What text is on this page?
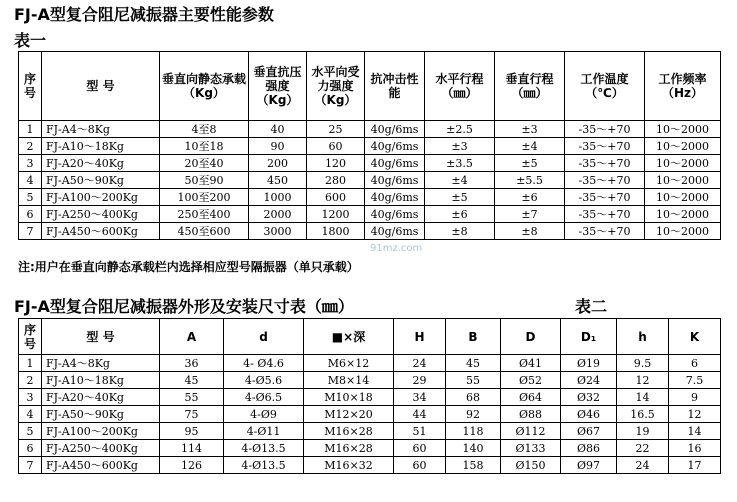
FJ-A型复合阻尼减振器主要性能参数
表一
序号	型 号	垂直向静态承载（Kg）	垂直抗压强度（Kg）	水平向受力强度（Kg）	抗冲击性能	水平行程（㎜）	垂直行程（㎜）	工作温度（℃）	工作频率（Hz）
1	FJ-A4～8Kg	4至8	40	25	40g/6ms	±2.5	±3	-35～+70	10～2000
2	FJ-A10～18Kg	10至18	90	60	40g/6ms	±3	±4	-35～+70	10～2000
3	FJ-A20～40Kg	20至40	200	120	40g/6ms	±3.5	±5	-35～+70	10～2000
4	FJ-A50～90Kg	50至90	450	280	40g/6ms	±4	±5.5	-35～+70	10～2000
5	FJ-A100～200Kg	100至200	1000	600	40g/6ms	±5	±6	-35～+70	10～2000
6	FJ-A250～400Kg	250至400	2000	1200	40g/6ms	±6	±7	-35～+70	10～2000
7	FJ-A450～600Kg	450至600	3000	1800	40g/6ms	±8	±8	-35～+70	10～2000
91mz.com
注:用户在垂直向静态承载栏内选择相应型号隔振器（单只承载）
FJ-A型复合阻尼减振器外形及安装尺寸表（㎜）	表二
序号	型 号	A	d	■×深	H	B	D	D₁	h	K
1	FJ-A4～8Kg	36	4- Ø4.6	M6×12	24	45	Ø41	Ø19	9.5	6
2	FJ-A10～18Kg	45	4-Ø5.6	M8×14	29	55	Ø52	Ø24	12	7.5
3	FJ-A20～40Kg	55	4-Ø6.5	M10×18	34	68	Ø64	Ø32	14	9
4	FJ-A50～90Kg	75	4-Ø9	M12×20	44	92	Ø88	Ø46	16.5	12
5	FJ-A100～200Kg	95	4-Ø11	M16×28	51	118	Ø112	Ø67	19	14
6	FJ-A250～400Kg	114	4-Ø13.5	M16×28	60	140	Ø133	Ø86	22	16
7	FJ-A450～600Kg	126	4-Ø13.5	M16×32	60	158	Ø150	Ø97	24	17
